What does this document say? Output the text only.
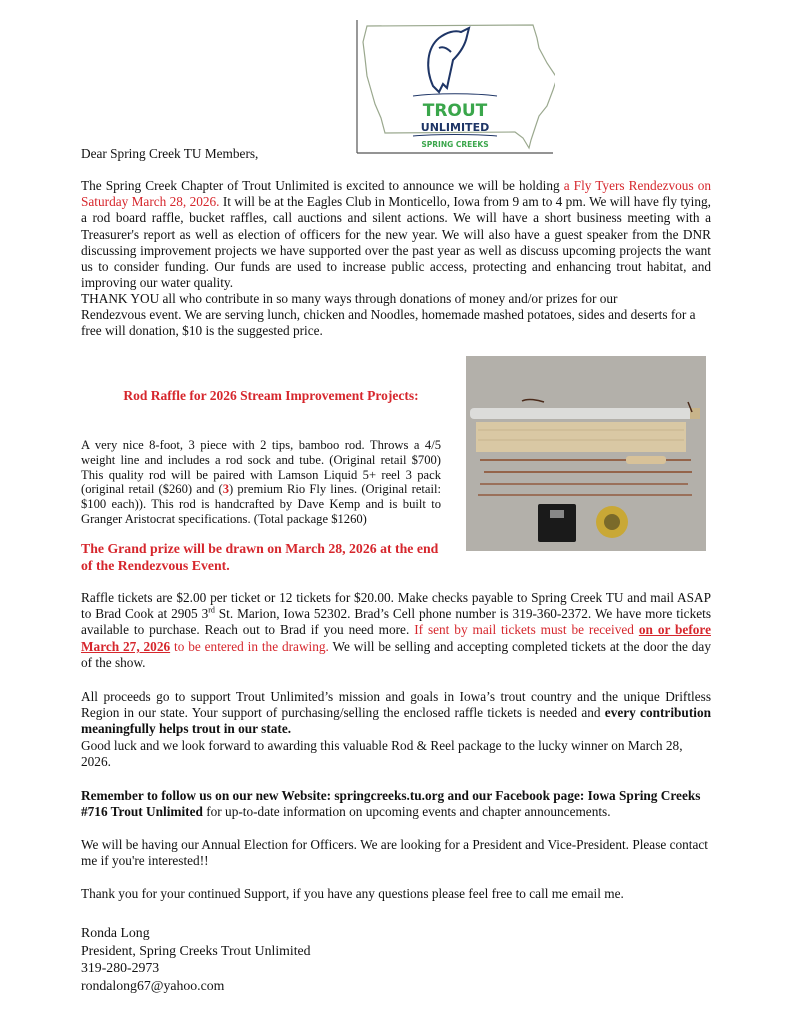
TROUT
UNLIMITED
SPRING CREEKS

Dear Spring Creek TU Members,

The Spring Creek Chapter of Trout Unlimited is excited to announce we will be holding a Fly Tyers Rendezvous on Saturday March 28, 2026. It will be at the Eagles Club in Monticello, Iowa from 9 am to 4 pm. We will have fly tying, a rod board raffle, bucket raffles, call auctions and silent actions. We will have a short business meeting with a Treasurer's report as well as election of officers for the new year. We will also have a guest speaker from the DNR discussing improvement projects we have supported over the past year as well as discuss upcoming projects the want us to consider funding. Our funds are used to increase public access, protecting and enhancing trout habitat, and improving our water quality.

THANK YOU all who contribute in so many ways through donations of money and/or prizes for our

Rendezvous event. We are serving lunch, chicken and Noodles, homemade mashed potatoes, sides and deserts for a free will donation, $10 is the suggested price.

Rod Raffle for 2026 Stream Improvement Projects:
A very nice 8-foot, 3 piece with 2 tips, bamboo rod. Throws a 4/5 weight line and includes a rod sock and tube. (Original retail $700) This quality rod will be paired with Lamson Liquid 5+ reel 3 pack (original retail ($260) and (3) premium Rio Fly lines. (Original retail: $100 each)). This rod is handcrafted by Dave Kemp and is built to Granger Aristocrat specifications. (Total package $1260)
The Grand prize will be drawn on March 28, 2026 at the end of the Rendezvous Event.

Raffle tickets are $2.00 per ticket or 12 tickets for $20.00. Make checks payable to Spring Creek TU and mail ASAP to Brad Cook at 2905 3rd St. Marion, Iowa 52302. Brad’s Cell phone number is 319-360-2372. We have more tickets available to purchase. Reach out to Brad if you need more. If sent by mail tickets must be received on or before March 27, 2026 to be entered in the drawing. We will be selling and accepting completed tickets at the door the day of the show.

All proceeds go to support Trout Unlimited’s mission and goals in Iowa’s trout country and the unique Driftless Region in our state. Your support of purchasing/selling the enclosed raffle tickets is needed and every contribution meaningfully helps trout in our state.

Good luck and we look forward to awarding this valuable Rod & Reel package to the lucky winner on March 28, 2026.

Remember to follow us on our new Website: springcreeks.tu.org and our Facebook page: Iowa Spring Creeks #716 Trout Unlimited for up-to-date information on upcoming events and chapter announcements.

We will be having our Annual Election for Officers. We are looking for a President and Vice-President. Please contact me if you're interested!!

Thank you for your continued Support, if you have any questions please feel free to call me email me.

Ronda Long
President, Spring Creeks Trout Unlimited
319-280-2973
rondalong67@yahoo.com
